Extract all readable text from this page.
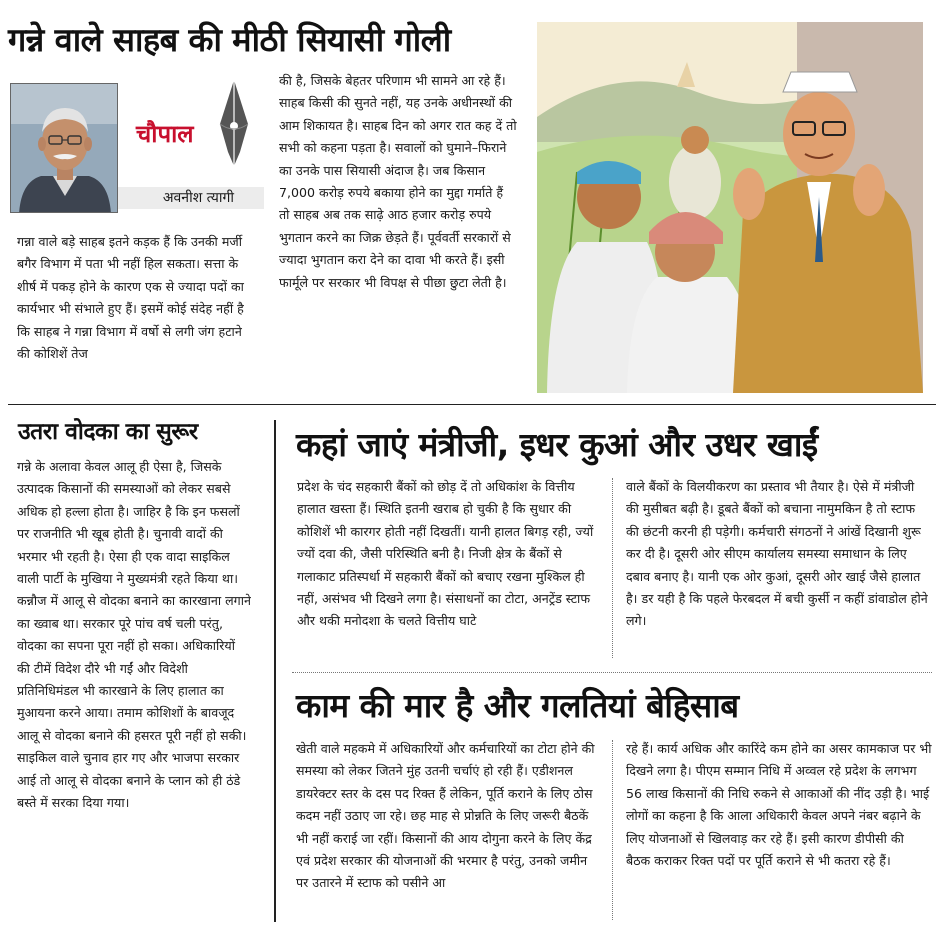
गन्ने वाले साहब की मीठी सियासी गोली
चौपाल
अवनीश त्यागी
गन्ना वाले बड़े साहब इतने कड़क हैं कि उनकी मर्जी बगैर विभाग में पता भी नहीं हिल सकता। सत्ता के शीर्ष में पकड़ होने के कारण एक से ज्यादा पदों का कार्यभार भी संभाले हुए हैं। इसमें कोई संदेह नहीं है कि साहब ने गन्ना विभाग में वर्षो से लगी जंग हटाने की कोशिशें तेज
की है, जिसके बेहतर परिणाम भी सामने आ रहे हैं। साहब किसी की सुनते नहीं, यह उनके अधीनस्थों की आम शिकायत है। साहब दिन को अगर रात कह दें तो सभी को कहना पड़ता है। सवालों को घुमाने–फिराने का उनके पास सियासी अंदाज है। जब किसान 7,000 करोड़ रुपये बकाया होने का मुद्दा गर्माते हैं तो साहब अब तक साढ़े आठ हजार करोड़ रुपये भुगतान करने का जिक्र छेड़ते हैं। पूर्ववर्ती सरकारों से ज्यादा भुगतान करा देने का दावा भी करते हैं। इसी फार्मूले पर सरकार भी विपक्ष से पीछा छुटा लेती है।
उतरा वोदका का सुरूर
गन्ने के अलावा केवल आलू ही ऐसा है, जिसके उत्पादक किसानों की समस्याओं को लेकर सबसे अधिक हो हल्ला होता है। जाहिर है कि इन फसलों पर राजनीति भी खूब होती है। चुनावी वादों की भरमार भी रहती है। ऐसा ही एक वादा साइकिल वाली पार्टी के मुखिया ने मुख्यमंत्री रहते किया था। कन्नौज में आलू से वोदका बनाने का कारखाना लगाने का ख्वाब था। सरकार पूरे पांच वर्ष चली परंतु, वोदका का सपना पूरा नहीं हो सका। अधिकारियों की टीमें विदेश दौरे भी गईं और विदेशी प्रतिनिधिमंडल भी कारखाने के लिए हालात का मुआयना करने आया। तमाम कोशिशों के बावजूद आलू से वोदका बनाने की हसरत पूरी नहीं हो सकी। साइकिल वाले चुनाव हार गए और भाजपा सरकार आई तो आलू से वोदका बनाने के प्लान को ही ठंडे बस्ते में सरका दिया गया।
कहां जाएं मंत्रीजी, इधर कुआं और उधर खाईं
प्रदेश के चंद सहकारी बैंकों को छोड़ दें तो अधिकांश के वित्तीय हालात खस्ता हैं। स्थिति इतनी खराब हो चुकी है कि सुधार की कोशिशें भी कारगर होती नहीं दिखतीं। यानी हालत बिगड़ रही, ज्यों ज्यों दवा की, जैसी परिस्थिति बनी है। निजी क्षेत्र के बैंकों से गलाकाट प्रतिस्पर्धा में सहकारी बैंकों को बचाए रखना मुश्किल ही नहीं, असंभव भी दिखने लगा है। संसाधनों का टोटा, अनट्रेंड स्टाफ और थकी मनोदशा के चलते वित्तीय घाटे
वाले बैंकों के विलयीकरण का प्रस्ताव भी तैयार है। ऐसे में मंत्रीजी की मुसीबत बढ़ी है। डूबते बैंकों को बचाना नामुमकिन है तो स्टाफ की छंटनी करनी ही पड़ेगी। कर्मचारी संगठनों ने आंखें दिखानी शुरू कर दी है। दूसरी ओर सीएम कार्यालय समस्या समाधान के लिए दबाव बनाए है। यानी एक ओर कुआं, दूसरी ओर खाई जैसे हालात है। डर यही है कि पहले फेरबदल में बची कुर्सी न कहीं डांवाडोल होने लगे।
काम की मार है और गलतियां बेहिसाब
खेती वाले महकमे में अधिकारियों और कर्मचारियों का टोटा होने की समस्या को लेकर जितने मुंह उतनी चर्चाएं हो रही हैं। एडीशनल डायरेक्टर स्तर के दस पद रिक्त हैं लेकिन, पूर्ति कराने के लिए ठोस कदम नहीं उठाए जा रहे। छह माह से प्रोन्नति के लिए जरूरी बैठकें भी नहीं कराई जा रहीं। किसानों की आय दोगुना करने के लिए केंद्र एवं प्रदेश सरकार की योजनाओं की भरमार है परंतु, उनको जमीन पर उतारने में स्टाफ को पसीने आ
रहे हैं। कार्य अधिक और कारिंदे कम होने का असर कामकाज पर भी दिखने लगा है। पीएम सम्मान निधि में अव्वल रहे प्रदेश के लगभग 56 लाख किसानों की निधि रुकने से आकाओं की नींद उड़ी है। भाई लोगों का कहना है कि आला अधिकारी केवल अपने नंबर बढ़ाने के लिए योजनाओं से खिलवाड़ कर रहे हैं। इसी कारण डीपीसी की बैठक कराकर रिक्त पदों पर पूर्ति कराने से भी कतरा रहे हैं।
